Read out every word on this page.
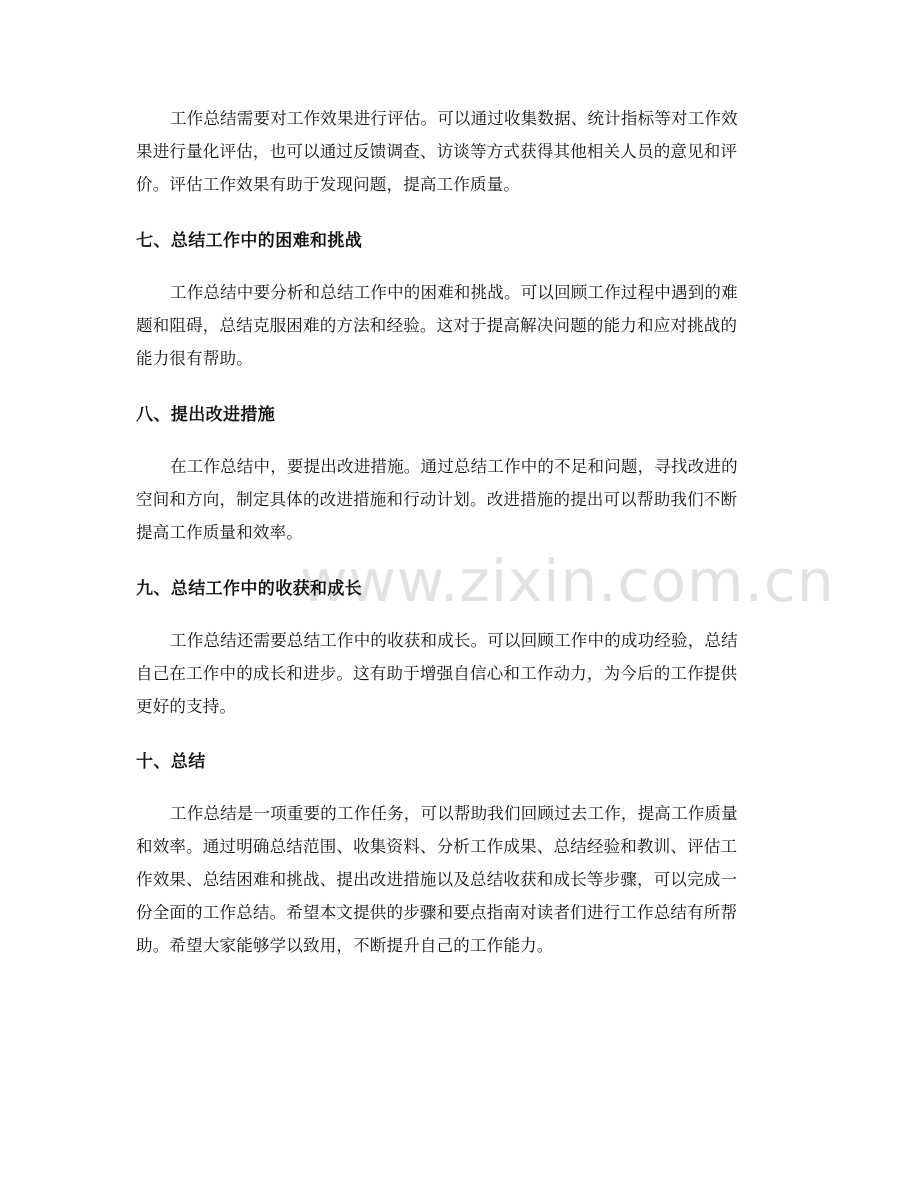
www.zixin.com.cn
工作总结需要对工作效果进行评估。可以通过收集数据、统计指标等对工作效
果进行量化评估，也可以通过反馈调查、访谈等方式获得其他相关人员的意见和评
价。评估工作效果有助于发现问题，提高工作质量。
七、总结工作中的困难和挑战
工作总结中要分析和总结工作中的困难和挑战。可以回顾工作过程中遇到的难
题和阻碍，总结克服困难的方法和经验。这对于提高解决问题的能力和应对挑战的
能力很有帮助。
八、提出改进措施
在工作总结中，要提出改进措施。通过总结工作中的不足和问题，寻找改进的
空间和方向，制定具体的改进措施和行动计划。改进措施的提出可以帮助我们不断
提高工作质量和效率。
九、总结工作中的收获和成长
工作总结还需要总结工作中的收获和成长。可以回顾工作中的成功经验，总结
自己在工作中的成长和进步。这有助于增强自信心和工作动力，为今后的工作提供
更好的支持。
十、总结
工作总结是一项重要的工作任务，可以帮助我们回顾过去工作，提高工作质量
和效率。通过明确总结范围、收集资料、分析工作成果、总结经验和教训、评估工
作效果、总结困难和挑战、提出改进措施以及总结收获和成长等步骤，可以完成一
份全面的工作总结。希望本文提供的步骤和要点指南对读者们进行工作总结有所帮
助。希望大家能够学以致用，不断提升自己的工作能力。
